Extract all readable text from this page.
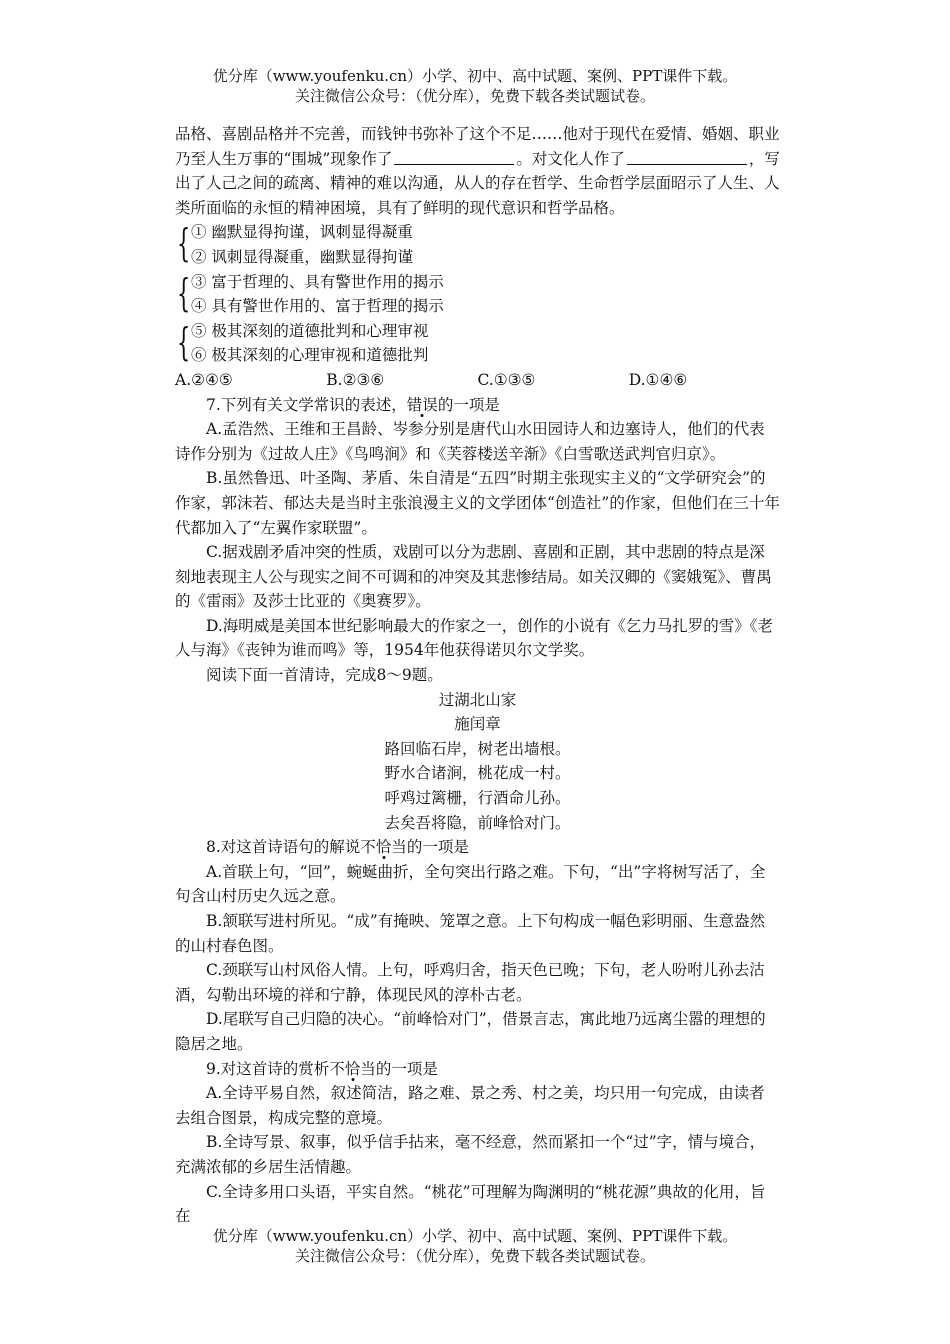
优分库（www.youfenku.cn）小学、初中、高中试题、案例、PPT课件下载。
关注微信公众号：（优分库），免费下载各类试题试卷。

品格、喜剧品格并不完善，而钱钟书弥补了这个不足……他对于现代在爱情、婚姻、职业乃至人生万事的“围城”现象作了	。对文化人作了	，写出了人己之间的疏离、精神的难以沟通，从人的存在哲学、生命哲学层面昭示了人生、人类所面临的永恒的精神困境，具有了鲜明的现代意识和哲学品格。

{ ① 幽默显得拘谨，讽刺显得凝重
② 讽刺显得凝重，幽默显得拘谨
{ ③ 富于哲理的、具有警世作用的揭示
④ 具有警世作用的、富于哲理的揭示
{ ⑤ 极其深刻的道德批判和心理审视
⑥ 极其深刻的心理审视和道德批判
A.②④⑤	B.②③⑥	C.①③⑤	D.①④⑥

7.下列有关文学常识的表述，错误的一项是

A.孟浩然、王维和王昌龄、岑参分别是唐代山水田园诗人和边塞诗人，他们的代表诗作分别为《过故人庄》《鸟鸣涧》和《芙蓉楼送辛渐》《白雪歌送武判官归京》。

B.虽然鲁迅、叶圣陶、茅盾、朱自清是“五四”时期主张现实主义的“文学研究会”的作家，郭沫若、郁达夫是当时主张浪漫主义的文学团体“创造社”的作家，但他们在三十年代都加入了“左翼作家联盟”。

C.据戏剧矛盾冲突的性质，戏剧可以分为悲剧、喜剧和正剧，其中悲剧的特点是深刻地表现主人公与现实之间不可调和的冲突及其悲惨结局。如关汉卿的《窦娥冤》、曹禺的《雷雨》及莎士比亚的《奥赛罗》。

D.海明威是美国本世纪影响最大的作家之一，创作的小说有《乞力马扎罗的雪》《老人与海》《丧钟为谁而鸣》等，1954年他获得诺贝尔文学奖。

阅读下面一首清诗，完成8～9题。

过湖北山家
施闰章
路回临石岸，树老出墙根。
野水合诸涧，桃花成一村。
呼鸡过篱栅，行酒命儿孙。
去矣吾将隐，前峰恰对门。

8.对这首诗语句的解说不恰当的一项是

A.首联上句，“回”，蜿蜒曲折，全句突出行路之难。下句，“出”字将树写活了，全句含山村历史久远之意。

B.颔联写进村所见。“成”有掩映、笼罩之意。上下句构成一幅色彩明丽、生意盎然的山村春色图。

C.颈联写山村风俗人情。上句，呼鸡归舍，指天色已晚；下句，老人吩咐儿孙去沽酒，勾勒出环境的祥和宁静，体现民风的淳朴古老。

D.尾联写自己归隐的决心。“前峰恰对门”，借景言志，寓此地乃远离尘嚣的理想的隐居之地。

9.对这首诗的赏析不恰当的一项是

A.全诗平易自然，叙述简洁，路之难、景之秀、村之美，均只用一句完成，由读者去组合图景，构成完整的意境。

B.全诗写景、叙事，似乎信手拈来，毫不经意，然而紧扣一个“过”字，情与境合，充满浓郁的乡居生活情趣。

C.全诗多用口头语，平实自然。“桃花”可理解为陶渊明的“桃花源”典故的化用，旨在

优分库（www.youfenku.cn）小学、初中、高中试题、案例、PPT课件下载。
关注微信公众号：（优分库），免费下载各类试题试卷。
